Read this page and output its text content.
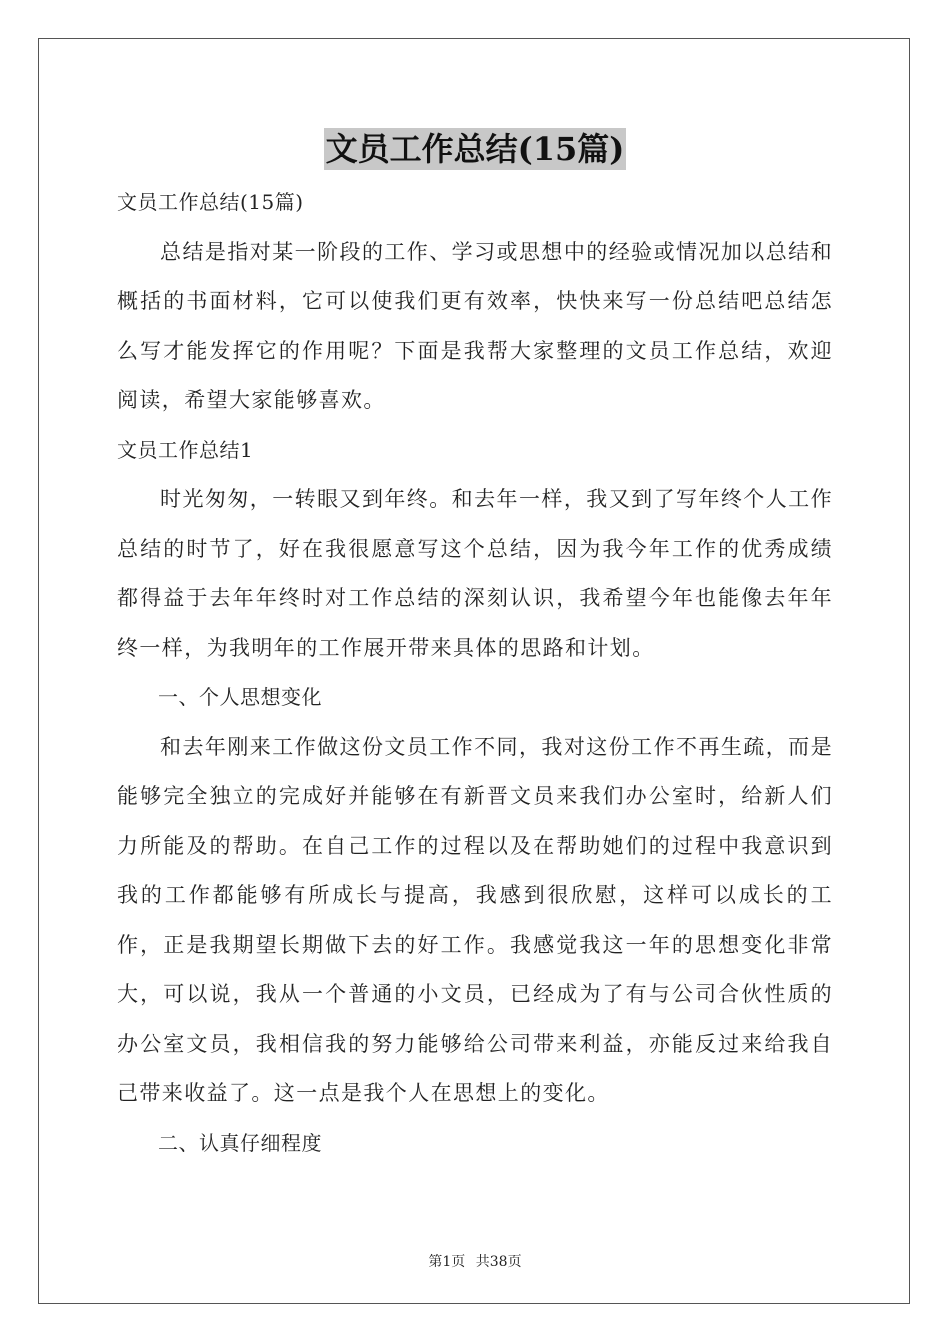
文员工作总结(15篇)

文员工作总结(15篇)

总结是指对某一阶段的工作、学习或思想中的经验或情况加以总结和概括的书面材料，它可以使我们更有效率，快快来写一份总结吧总结怎么写才能发挥它的作用呢？下面是我帮大家整理的文员工作总结，欢迎阅读，希望大家能够喜欢。

文员工作总结1

时光匆匆，一转眼又到年终。和去年一样，我又到了写年终个人工作总结的时节了，好在我很愿意写这个总结，因为我今年工作的优秀成绩都得益于去年年终时对工作总结的深刻认识，我希望今年也能像去年年终一样，为我明年的工作展开带来具体的思路和计划。

一、个人思想变化

和去年刚来工作做这份文员工作不同，我对这份工作不再生疏，而是能够完全独立的完成好并能够在有新晋文员来我们办公室时，给新人们力所能及的帮助。在自己工作的过程以及在帮助她们的过程中我意识到我的工作都能够有所成长与提高，我感到很欣慰，这样可以成长的工作，正是我期望长期做下去的好工作。我感觉我这一年的思想变化非常大，可以说，我从一个普通的小文员，已经成为了有与公司合伙性质的办公室文员，我相信我的努力能够给公司带来利益，亦能反过来给我自己带来收益了。这一点是我个人在思想上的变化。

二、认真仔细程度

第1页 共38页
